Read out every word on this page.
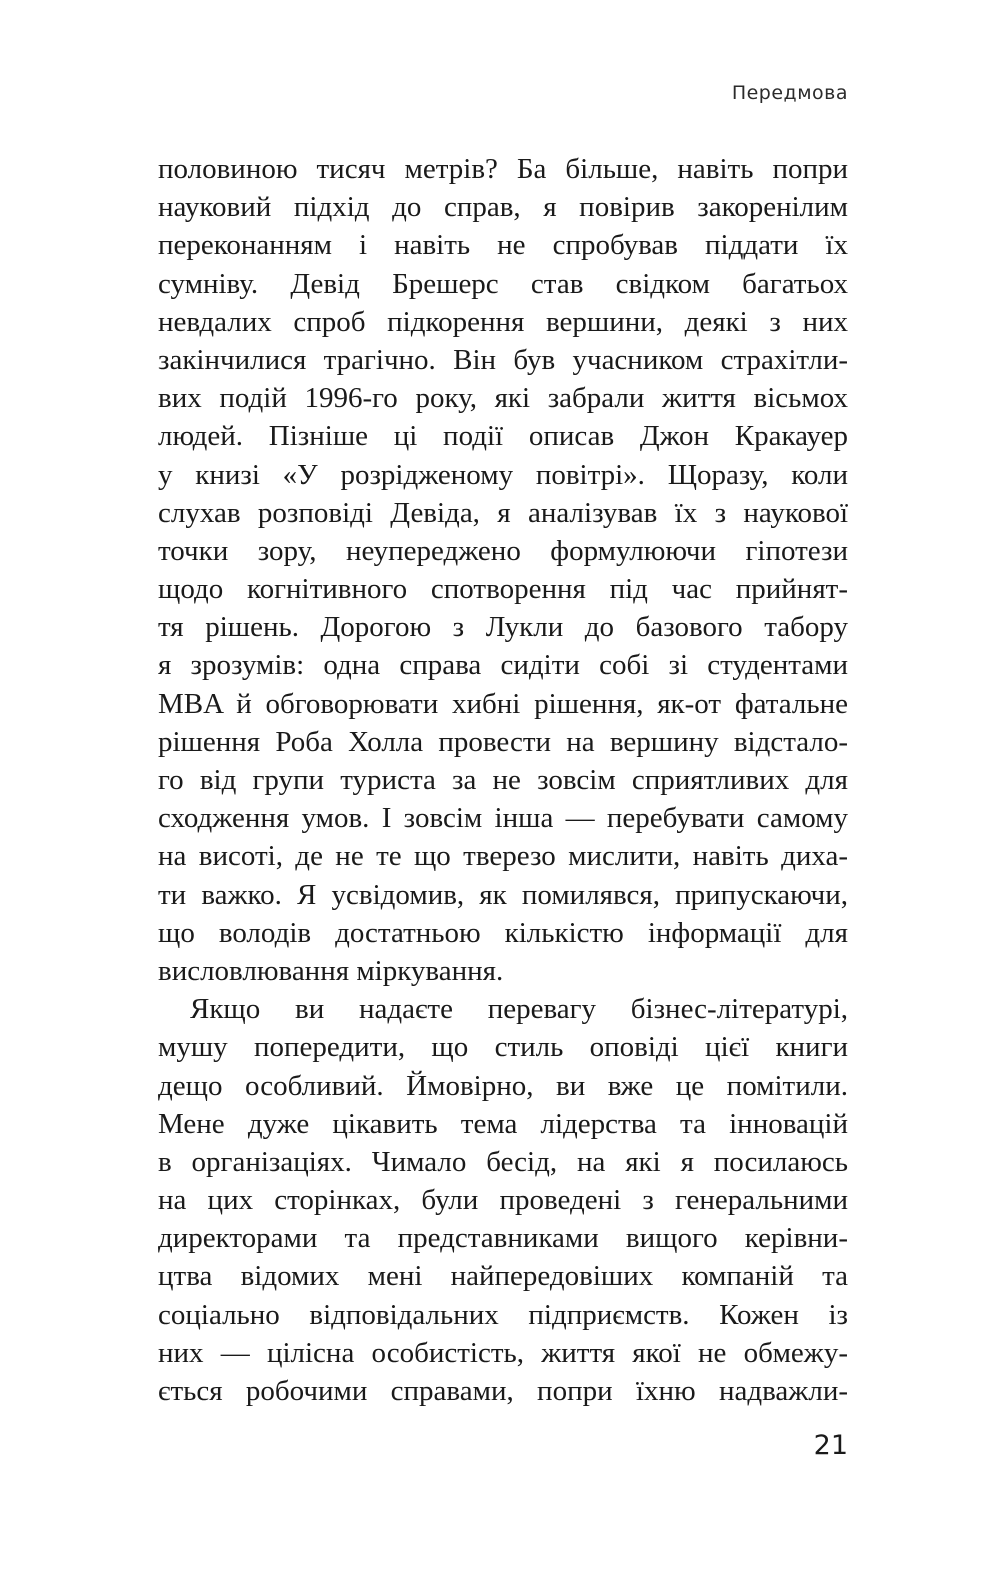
Передмова
половиною тисяч метрів? Ба більше, навіть попри
науковий підхід до справ, я повірив закоренілим
переконанням і навіть не спробував піддати їх
сумніву. Девід Брешерс став свідком багатьох
невдалих спроб підкорення вершини, деякі з них
закінчилися трагічно. Він був учасником страхітли-
вих подій 1996-го року, які забрали життя вісьмох
людей. Пізніше ці події описав Джон Кракауер
у книзі «У розрідженому повітрі». Щоразу, коли
слухав розповіді Девіда, я аналізував їх з наукової
точки зору, неупереджено формулюючи гіпотези
щодо когнітивного спотворення під час прийнят-
тя рішень. Дорогою з Лукли до базового табору
я зрозумів: одна справа сидіти собі зі студентами
MBA й обговорювати хибні рішення, як-от фатальне
рішення Роба Холла провести на вершину відстало-
го від групи туриста за не зовсім сприятливих для
сходження умов. І зовсім інша — перебувати самому
на висоті, де не те що тверезо мислити, навіть диха-
ти важко. Я усвідомив, як помилявся, припускаючи,
що володів достатньою кількістю інформації для
висловлювання міркування.
Якщо ви надаєте перевагу бізнес-літературі,
мушу попередити, що стиль оповіді цієї книги
дещо особливий. Ймовірно, ви вже це помітили.
Мене дуже цікавить тема лідерства та інновацій
в організаціях. Чимало бесід, на які я посилаюсь
на цих сторінках, були проведені з генеральними
директорами та представниками вищого керівни-
цтва відомих мені найпередовіших компаній та
соціально відповідальних підприємств. Кожен із
них — цілісна особистість, життя якої не обмежу-
ється робочими справами, попри їхню надважли-
21
